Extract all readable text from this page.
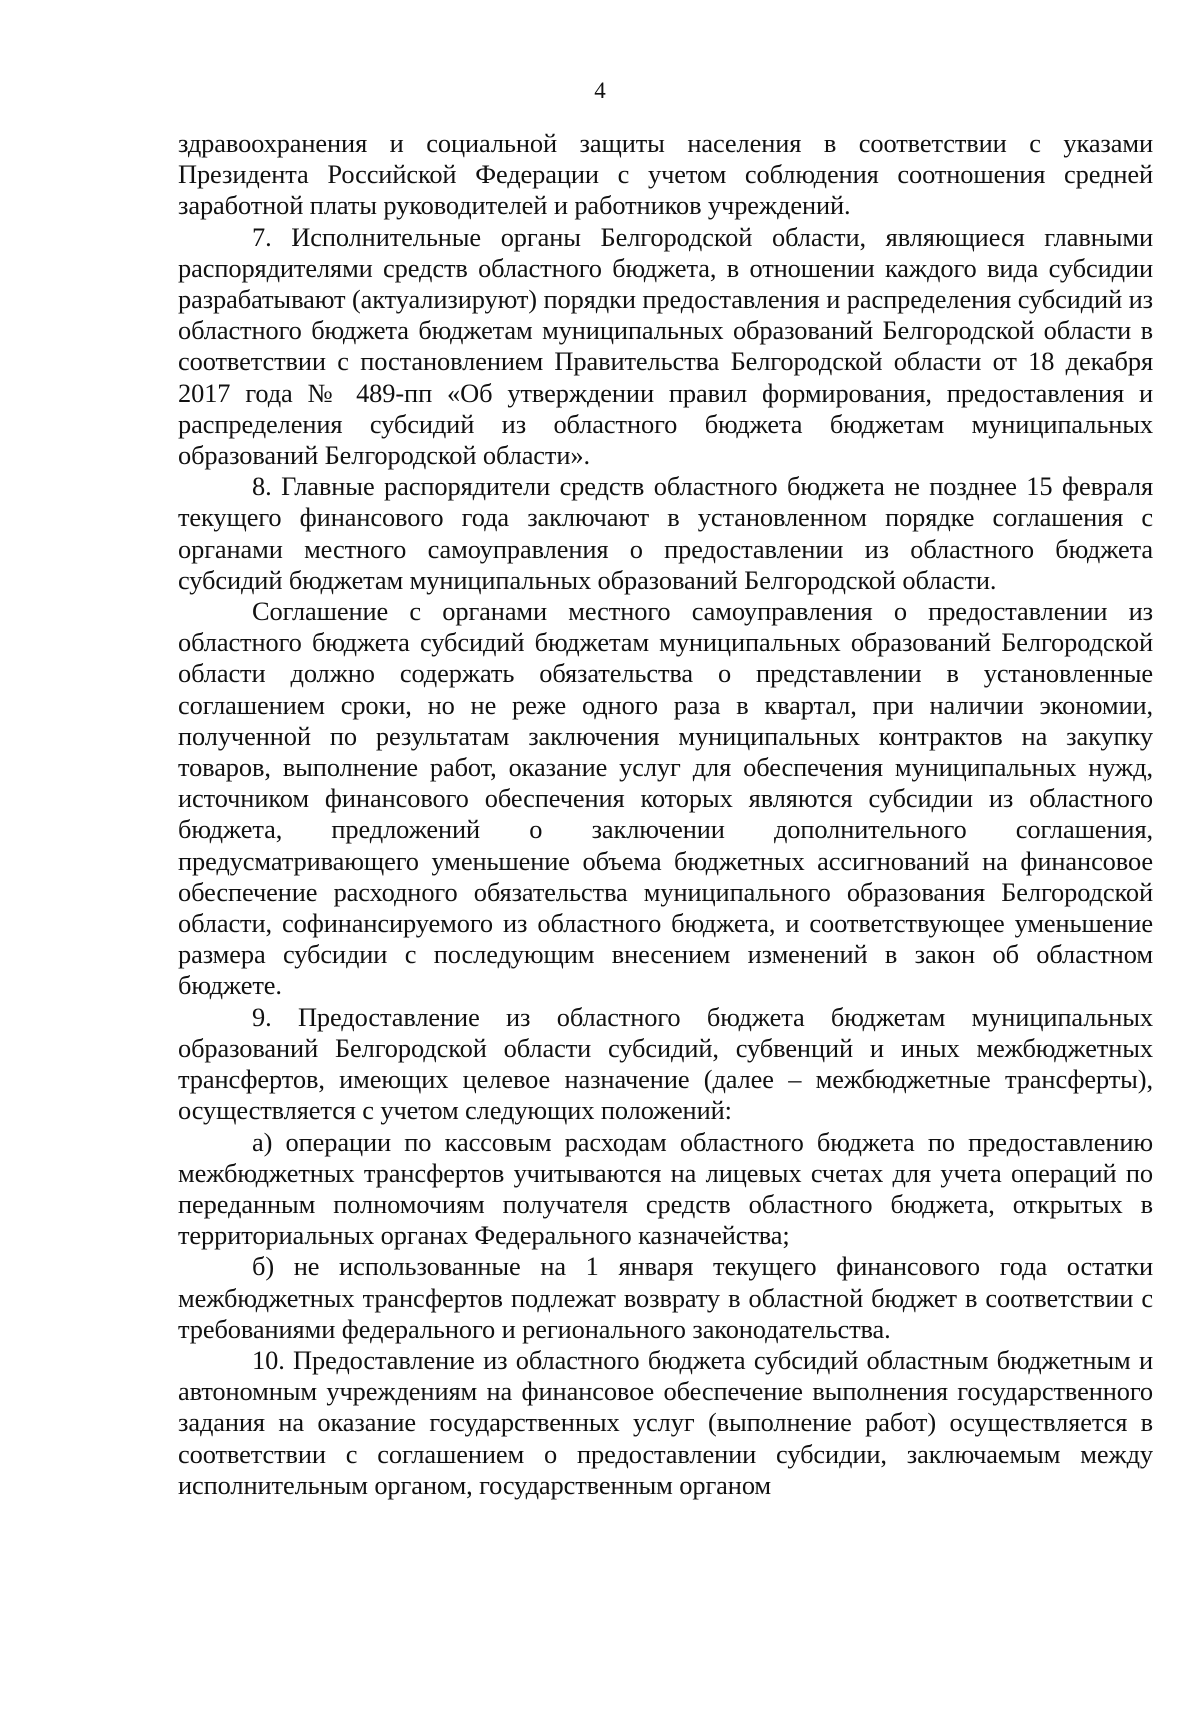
4

здравоохранения и социальной защиты населения в соответствии с указами Президента Российской Федерации с учетом соблюдения соотношения средней заработной платы руководителей и работников учреждений.

7. Исполнительные органы Белгородской области, являющиеся главными распорядителями средств областного бюджета, в отношении каждого вида субсидии разрабатывают (актуализируют) порядки предоставления и распределения субсидий из областного бюджета бюджетам муниципальных образований Белгородской области в соответствии с постановлением Правительства Белгородской области от 18 декабря 2017 года № 489-пп «Об утверждении правил формирования, предоставления и распределения субсидий из областного бюджета бюджетам муниципальных образований Белгородской области».

8. Главные распорядители средств областного бюджета не позднее 15 февраля текущего финансового года заключают в установленном порядке соглашения с органами местного самоуправления о предоставлении из областного бюджета субсидий бюджетам муниципальных образований Белгородской области.

Соглашение с органами местного самоуправления о предоставлении из областного бюджета субсидий бюджетам муниципальных образований Белгородской области должно содержать обязательства о представлении в установленные соглашением сроки, но не реже одного раза в квартал, при наличии экономии, полученной по результатам заключения муниципальных контрактов на закупку товаров, выполнение работ, оказание услуг для обеспечения муниципальных нужд, источником финансового обеспечения которых являются субсидии из областного бюджета, предложений о заключении дополнительного соглашения, предусматривающего уменьшение объема бюджетных ассигнований на финансовое обеспечение расходного обязательства муниципального образования Белгородской области, софинансируемого из областного бюджета, и соответствующее уменьшение размера субсидии с последующим внесением изменений в закон об областном бюджете.

9. Предоставление из областного бюджета бюджетам муниципальных образований Белгородской области субсидий, субвенций и иных межбюджетных трансфертов, имеющих целевое назначение (далее – межбюджетные трансферты), осуществляется с учетом следующих положений:

а) операции по кассовым расходам областного бюджета по предоставлению межбюджетных трансфертов учитываются на лицевых счетах для учета операций по переданным полномочиям получателя средств областного бюджета, открытых в территориальных органах Федерального казначейства;

б) не использованные на 1 января текущего финансового года остатки межбюджетных трансфертов подлежат возврату в областной бюджет в соответствии с требованиями федерального и регионального законодательства.

10. Предоставление из областного бюджета субсидий областным бюджетным и автономным учреждениям на финансовое обеспечение выполнения государственного задания на оказание государственных услуг (выполнение работ) осуществляется в соответствии с соглашением о предоставлении субсидии, заключаемым между исполнительным органом, государственным органом
